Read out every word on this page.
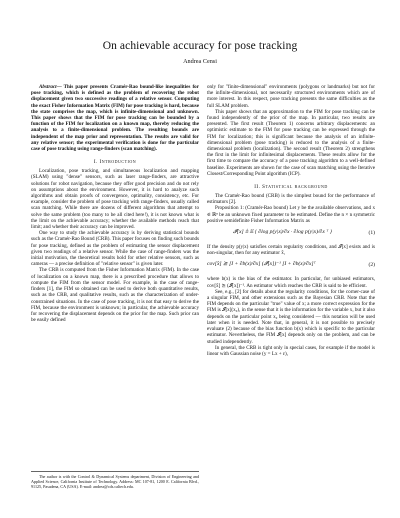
On achievable accuracy for pose tracking
Andrea Censi

Abstract— This paper presents Cramér-Rao bound-like inequalities for pose tracking, which is defined as the problem of recovering the robot displacement given two successive readings of a relative sensor. Computing the exact Fisher Information Matrix (FIM) for pose tracking is hard, because the state comprises the map, which is infinite-dimensional and unknown. This paper shows that the FIM for pose tracking can be bounded by a function of the FIM for localization on a known map, thereby reducing the analysis to a finite-dimensional problem. The resulting bounds are independent of the map prior and representation. The results are valid for any relative sensor; the experimental verification is done for the particular case of pose tracking using range-finders (scan matching).

I. Introduction

Localization, pose tracking, and simultaneous localization and mapping (SLAM) using "dense" sensors, such as laser range-finders, are attractive solutions for robot navigation, because they offer good precision and do not rely on assumptions about the environment. However, it is hard to analyze such algorithms and obtain proofs of convergence, optimality, consistency, etc. For example, consider the problem of pose tracking with range-finders, usually called scan matching. While there are dozens of different algorithms that attempt to solve the same problem (too many to be all cited here!), it is not known what is the limit on the achievable accuracy; whether the available methods reach that limit; and whether their accuracy can be improved.

One way to study the achievable accuracy is by deriving statistical bounds such as the Cramér-Rao Bound (CRB). This paper focuses on finding such bounds for pose tracking, defined as the problem of estimating the sensor displacement given two readings of a relative sensor. While the case of range-finders was the initial motivation, the theoretical results hold for other relative sensors, such as cameras — a precise definition of "relative sensor" is given later.

The CRB is computed from the Fisher Information Matrix (FIM). In the case of localization on a known map, there is a prescribed procedure that allows to compute the FIM from the sensor model. For example, in the case of range-finders [1], the FIM so obtained can be used to derive both quantitative results, such as the CRB, and qualitative results, such as the characterization of under-constrained situations. In the case of pose tracking, it is not that easy to derive the FIM, because the environment is unknown; in particular, the achievable accuracy for recovering the displacement depends on the prior for the map. Such prior can be easily defined

The author is with the Control & Dynamical Systems department, Division of Engineering and Applied Science, California Institute of Technology. Address: MC 107-81, 1200 E. California Blvd., 91125, Pasadena, CA (USA). E-mail: andrea@cds.caltech.edu.

only for "finite-dimensional" environments (polygons or landmarks) but not for the infinite-dimensional, not necessarily structured environments which are of more interest. In this respect, pose tracking presents the same difficulties as the full SLAM problem.

This paper shows that an approximation to the FIM for pose tracking can be found independently of the prior of the map. In particular, two results are presented. The first result (Theorem 1) concerns arbitrary displacements: an optimistic estimate to the FIM for pose tracking can be expressed through the FIM for localization; this is significant because the analysis of an infinite-dimensional problem (pose tracking) is reduced to the analysis of a finite-dimensional problem (localization). The second result (Theorem 2) strengthens the first in the limit for infinitesimal displacements. These results allow for the first time to compare the accuracy of a pose tracking algorithm to a well-defined baseline. Experiments are shown for the case of scan matching using the Iterative Closest/Corresponding Point algorithm (ICP).

II. Statistical background

The Cramér-Rao bound (CRB) is the simplest bound for the performance of estimators [2].

Proposition 1: (Cramér-Rao bound) Let y be the available observations, and x ∈ ℝⁿ be an unknown fixed parameter to be estimated. Define the n × n symmetric positive semidefinite Fisher Information Matrix as

𝓘[x] ≜ 𝔼 { ∂log p(y|x)/∂x · ∂log p(y|x)/∂x ᵀ }	(1)

If the density p(y|x) satisfies certain regularity conditions, and 𝓘[x] exists and is non-singular, then for any estimator x̂,

cov[x̂] ⪰ [I + ∂b(x)/∂x] (𝓘[x])⁻¹ [I + ∂b(x)/∂x]ᵀ	(2)

where b(x) is the bias of the estimator. In particular, for unbiased estimators, cov[x̂] ⪰ (𝓘[x])⁻¹. An estimator which reaches the CRB is said to be efficient.

See, e.g., [2] for details about the regularity conditions, for the corner-case of a singular FIM, and other extensions such as the Bayesian CRB. Note that the FIM depends on the particular "true" value of x; a more correct expression for the FIM is 𝓘[x](x₀), in the sense that it is the information for the variable x, but it also depends on the particular point x₀ being considered — this notation will be used later when it is needed. Note that, in general, it is not possible to precisely evaluate (2) because of the bias function b(x) which is specific to the particular estimator. Nevertheless, the FIM 𝓘[x] depends only on the problem, and can be studied independently.

In general, the CRB is tight only in special cases, for example if the model is linear with Gaussian noise (y = Lx + ε),
